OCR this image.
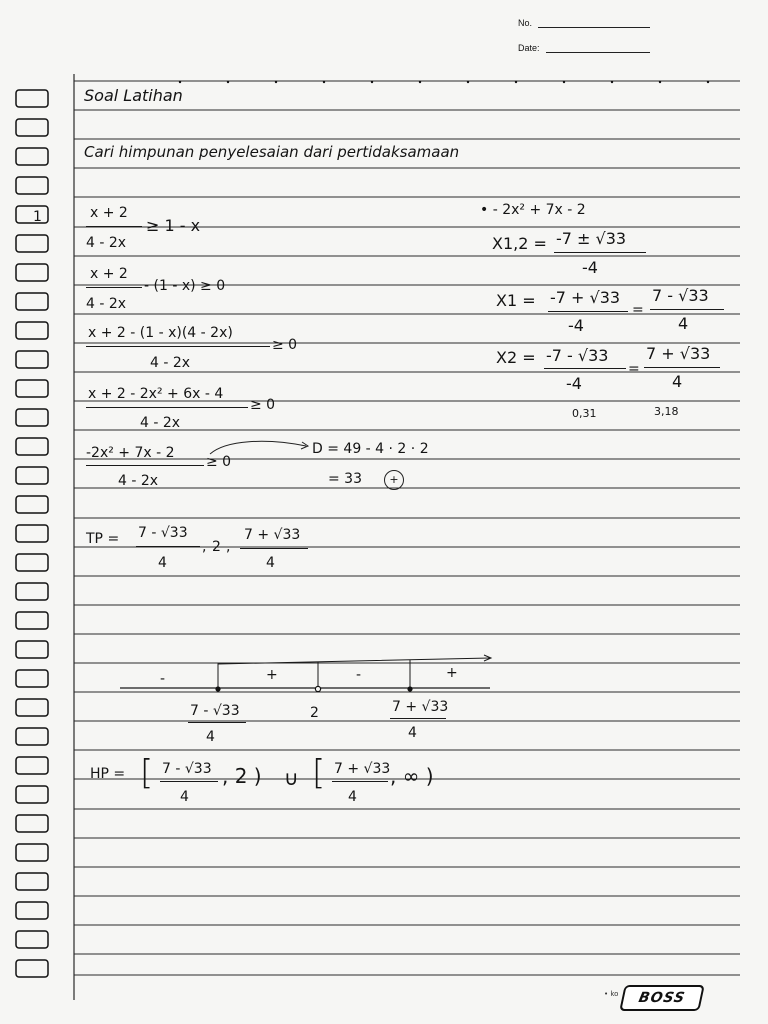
No.
Date:
Soal Latihan
Cari himpunan penyelesaian dari pertidaksamaan
1	x + 2
4 - 2x
≥ 1 - x
x + 2
4 - 2x
- (1 - x) ≥ 0
x + 2 - (1 - x)(4 - 2x)
4 - 2x
≥ 0
x + 2 - 2x² + 6x - 4
4 - 2x
≥ 0
-2x² + 7x - 2
4 - 2x
≥ 0
D = 49 - 4 · 2 · 2
= 33	+
• - 2x² + 7x - 2
X1,2 = -7 ± √33
-4
X1 = -7 + √33
-4
=
7 - √33
4
X2 = -7 - √33
-4
=
7 + √33
4
0,31	3,18
TP = 7 - √33
4
, 2 ,
7 + √33
4
-	+	-	+
7 - √33
4
2	7 + √33
4
HP = [ 7 - √33
4
, 2 ) ∪ [ 7 + √33
4
, ∞ )
• ko BOSS
